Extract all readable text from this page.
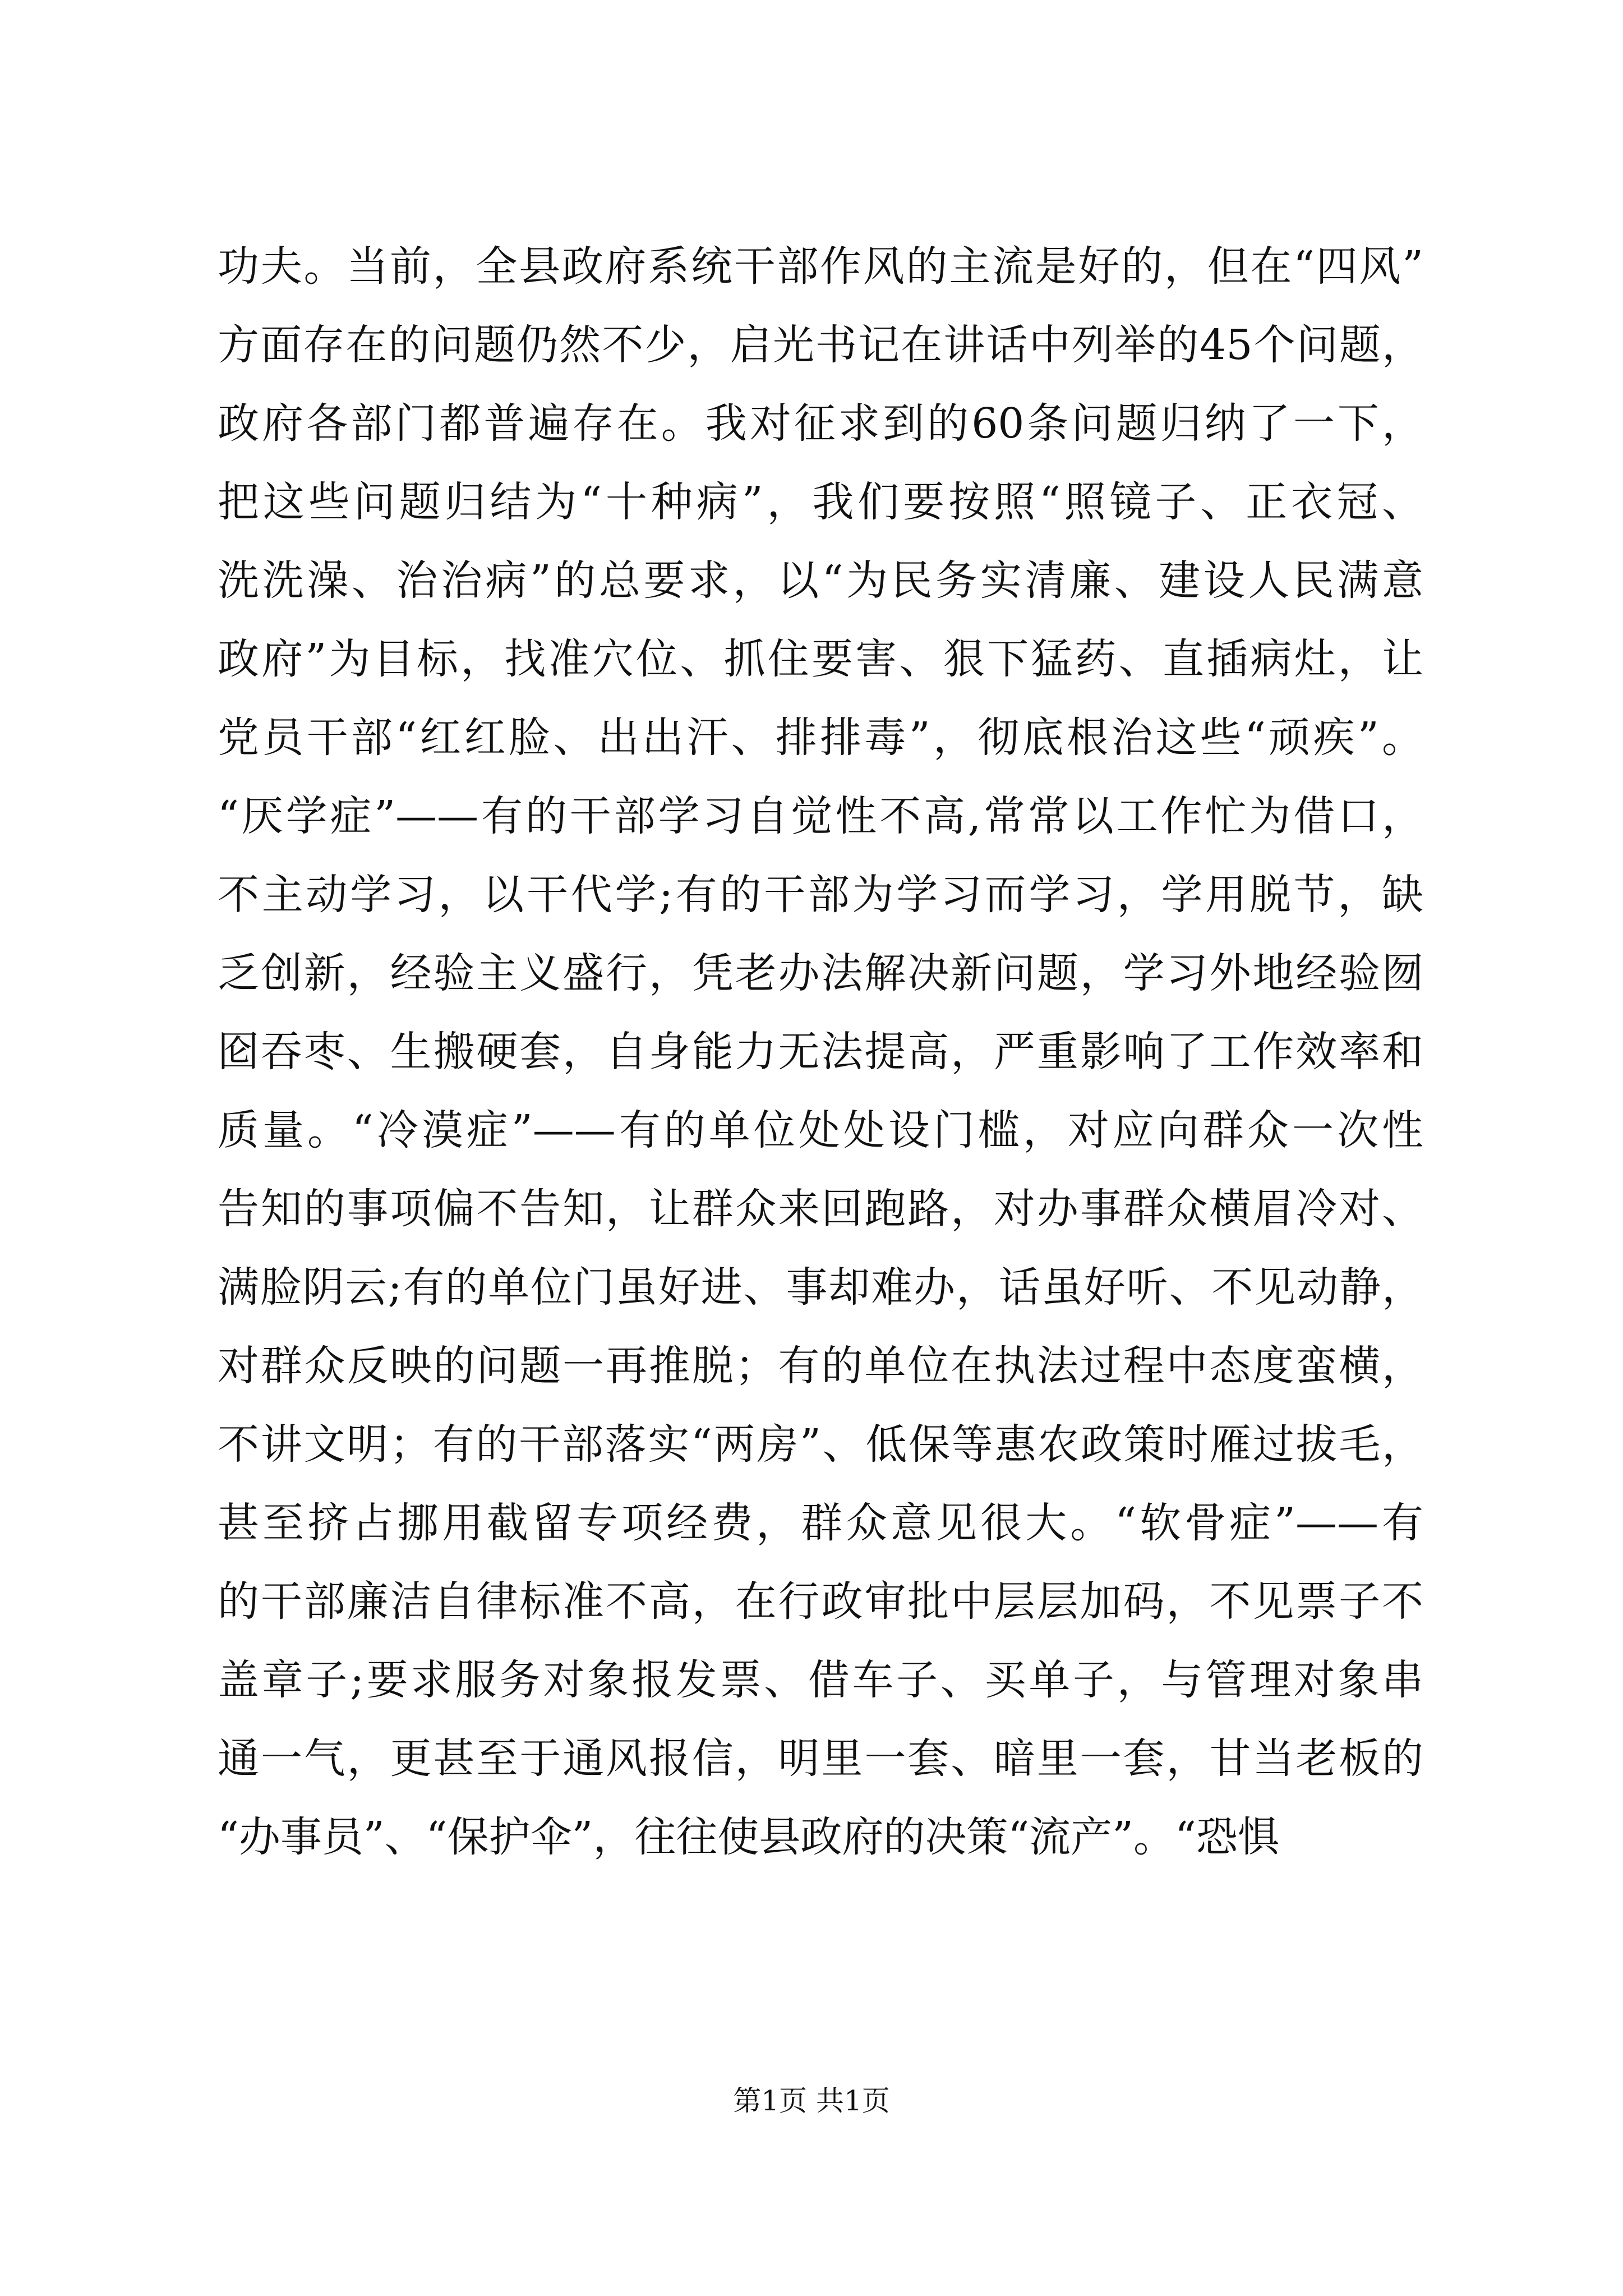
功夫。当前，全县政府系统干部作风的主流是好的，但在“四风”
方面存在的问题仍然不少，启光书记在讲话中列举的45个问题，
政府各部门都普遍存在。我对征求到的60条问题归纳了一下，
把这些问题归结为“十种病”，我们要按照“照镜子、正衣冠、
洗洗澡、治治病”的总要求，以“为民务实清廉、建设人民满意
政府”为目标，找准穴位、抓住要害、狠下猛药、直插病灶，让
党员干部“红红脸、出出汗、排排毒”，彻底根治这些“顽疾”。
“厌学症”——有的干部学习自觉性不高,常常以工作忙为借口，
不主动学习，以干代学;有的干部为学习而学习，学用脱节，缺
乏创新，经验主义盛行，凭老办法解决新问题，学习外地经验囫
囵吞枣、生搬硬套，自身能力无法提高，严重影响了工作效率和
质量。“冷漠症”——有的单位处处设门槛，对应向群众一次性
告知的事项偏不告知，让群众来回跑路，对办事群众横眉冷对、
满脸阴云;有的单位门虽好进、事却难办，话虽好听、不见动静，
对群众反映的问题一再推脱；有的单位在执法过程中态度蛮横，
不讲文明；有的干部落实“两房”、低保等惠农政策时雁过拔毛，
甚至挤占挪用截留专项经费，群众意见很大。“软骨症”——有
的干部廉洁自律标准不高，在行政审批中层层加码，不见票子不
盖章子;要求服务对象报发票、借车子、买单子，与管理对象串
通一气，更甚至于通风报信，明里一套、暗里一套，甘当老板的
“办事员”、“保护伞”，往往使县政府的决策“流产”。“恐惧
第1页 共1页
